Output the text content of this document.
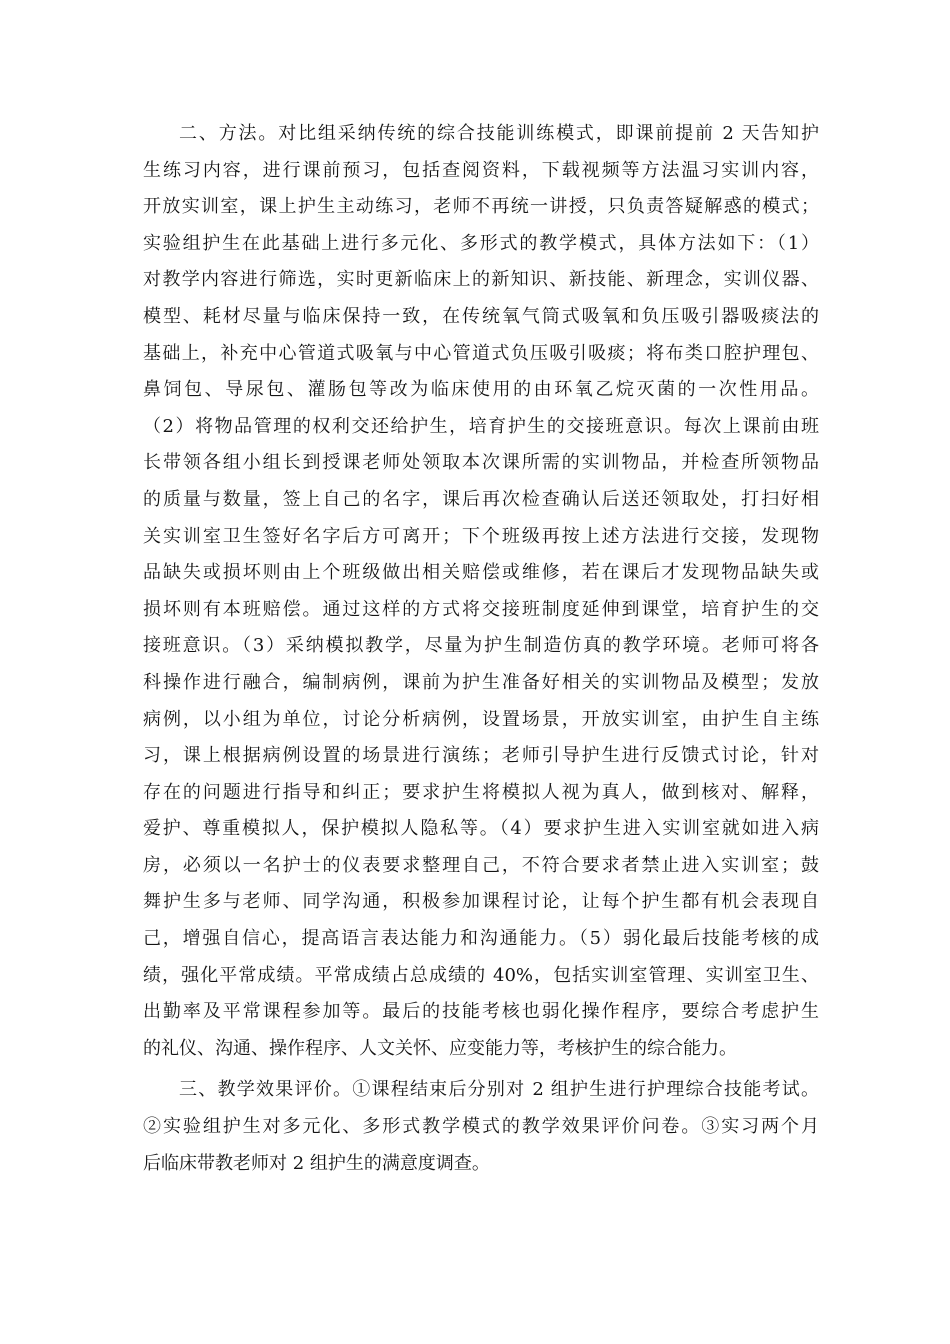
二、方法。对比组采纳传统的综合技能训练模式，即课前提前 2 天告知护
生练习内容，进行课前预习，包括查阅资料，下载视频等方法温习实训内容，
开放实训室，课上护生主动练习，老师不再统一讲授，只负责答疑解惑的模式；
实验组护生在此基础上进行多元化、多形式的教学模式，具体方法如下：（1）
对教学内容进行筛选，实时更新临床上的新知识、新技能、新理念，实训仪器、
模型、耗材尽量与临床保持一致，在传统氧气筒式吸氧和负压吸引器吸痰法的
基础上，补充中心管道式吸氧与中心管道式负压吸引吸痰；将布类口腔护理包、
鼻饲包、导尿包、灌肠包等改为临床使用的由环氧乙烷灭菌的一次性用品。
（2）将物品管理的权利交还给护生，培育护生的交接班意识。每次上课前由班
长带领各组小组长到授课老师处领取本次课所需的实训物品，并检查所领物品
的质量与数量，签上自己的名字，课后再次检查确认后送还领取处，打扫好相
关实训室卫生签好名字后方可离开；下个班级再按上述方法进行交接，发现物
品缺失或损坏则由上个班级做出相关赔偿或维修，若在课后才发现物品缺失或
损坏则有本班赔偿。通过这样的方式将交接班制度延伸到课堂，培育护生的交
接班意识。（3）采纳模拟教学，尽量为护生制造仿真的教学环境。老师可将各
科操作进行融合，编制病例，课前为护生准备好相关的实训物品及模型；发放
病例，以小组为单位，讨论分析病例，设置场景，开放实训室，由护生自主练
习，课上根据病例设置的场景进行演练；老师引导护生进行反馈式讨论，针对
存在的问题进行指导和纠正；要求护生将模拟人视为真人，做到核对、解释，
爱护、尊重模拟人，保护模拟人隐私等。（4）要求护生进入实训室就如进入病
房，必须以一名护士的仪表要求整理自己，不符合要求者禁止进入实训室；鼓
舞护生多与老师、同学沟通，积极参加课程讨论，让每个护生都有机会表现自
己，增强自信心，提高语言表达能力和沟通能力。（5）弱化最后技能考核的成
绩，强化平常成绩。平常成绩占总成绩的 40%，包括实训室管理、实训室卫生、
出勤率及平常课程参加等。最后的技能考核也弱化操作程序，要综合考虑护生
的礼仪、沟通、操作程序、人文关怀、应变能力等，考核护生的综合能力。
三、教学效果评价。①课程结束后分别对 2 组护生进行护理综合技能考试。
②实验组护生对多元化、多形式教学模式的教学效果评价问卷。③实习两个月
后临床带教老师对 2 组护生的满意度调查。
